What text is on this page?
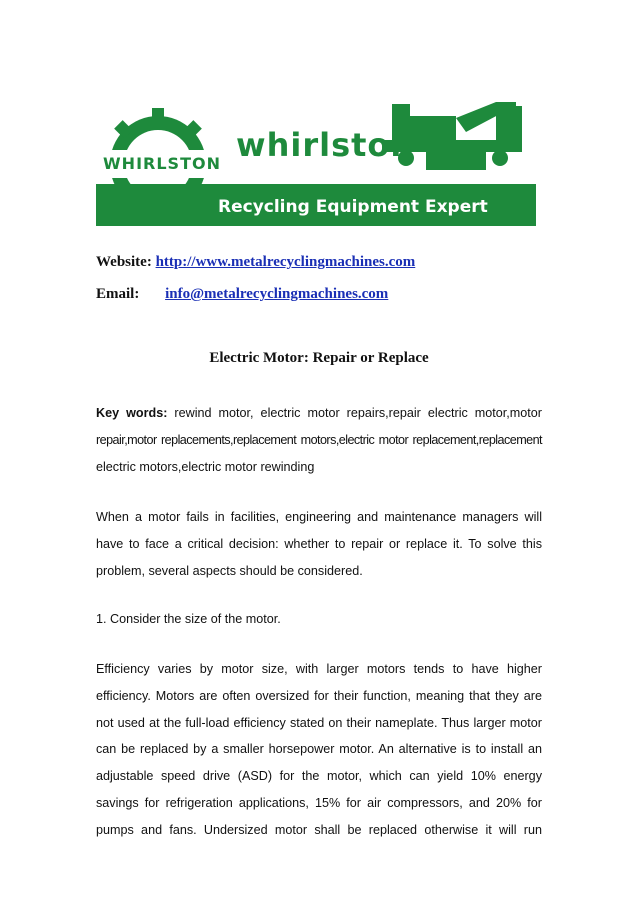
Recycling Equipment Expert
WHIRLSTON whirlston
Website: http://www.metalrecyclingmachines.com
Email: info@metalrecyclingmachines.com
Electric Motor: Repair or Replace
Key words: rewind motor, electric motor repairs,repair electric motor,motor
repair,motor replacements,replacement motors,electric motor replacement,replacement
electric motors,electric motor rewinding
When a motor fails in facilities, engineering and maintenance managers will
have to face a critical decision: whether to repair or replace it. To solve this
problem, several aspects should be considered.
1. Consider the size of the motor.
Efficiency varies by motor size, with larger motors tends to have higher
efficiency. Motors are often oversized for their function, meaning that they are
not used at the full-load efficiency stated on their nameplate. Thus larger motor
can be replaced by a smaller horsepower motor. An alternative is to install an
adjustable speed drive (ASD) for the motor, which can yield 10% energy
savings for refrigeration applications, 15% for air compressors, and 20% for
pumps and fans. Undersized motor shall be replaced otherwise it will run
